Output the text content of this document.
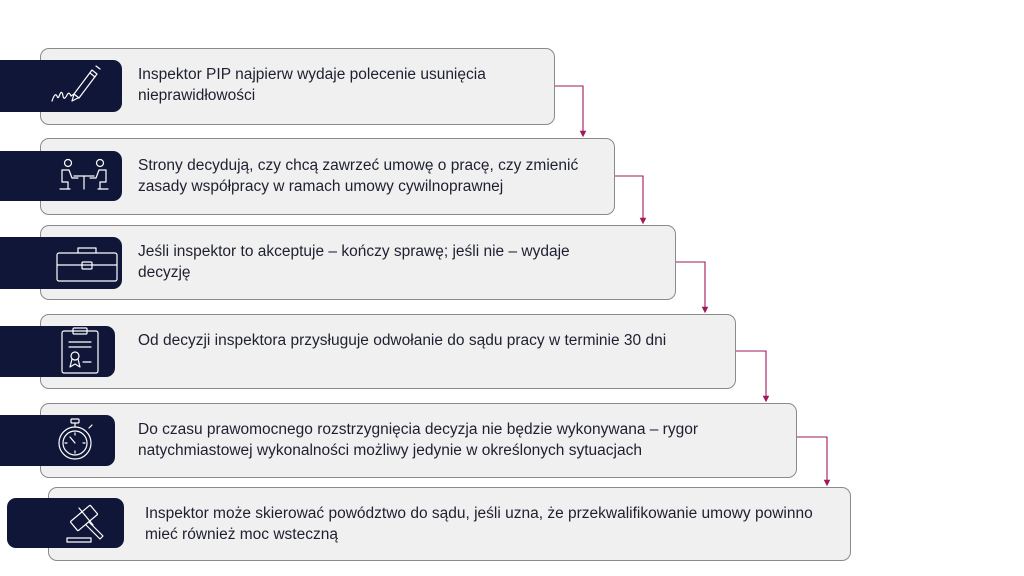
Inspektor PIP najpierw wydaje polecenie usunięcia nieprawidłowości

Strony decydują, czy chcą zawrzeć umowę o pracę, czy zmienić zasady współpracy w ramach umowy cywilnoprawnej

Jeśli inspektor to akceptuje – kończy sprawę; jeśli nie – wydaje decyzję

Od decyzji inspektora przysługuje odwołanie do sądu pracy w terminie 30 dni

Do czasu prawomocnego rozstrzygnięcia decyzja nie będzie wykonywana – rygor natychmiastowej wykonalności możliwy jedynie w określonych sytuacjach

Inspektor może skierować powództwo do sądu, jeśli uzna, że przekwalifikowanie umowy powinno mieć również moc wsteczną
